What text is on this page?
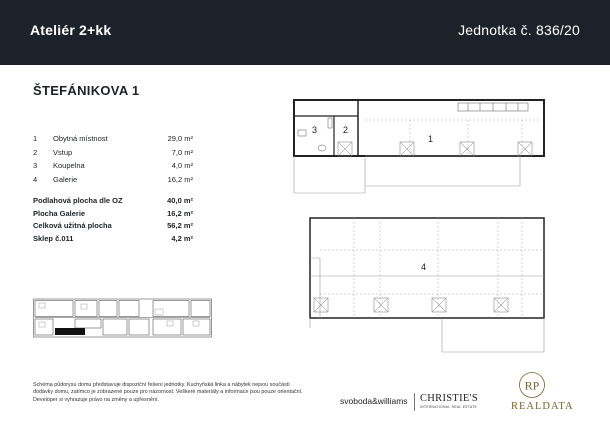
Ateliér 2+kk	Jednotka č. 836/20
ŠTEFÁNIKOVA 1
1 Obytná místnost	29,0 m²
2 Vstup	7,0 m²
3 Koupelna	4,0 m²
4 Galerie	16,2 m²
Podlahová plocha dle OZ	40,0 m²
Plocha Galerie	16,2 m²
Celková užitná plocha	56,2 m²
Sklep č.011	4,2 m²
3	2
1
4
Schéma půdorysu domu představuje dispoziční řešení jednotky. Kuchyňská linka a nábytek nejsou součástí dodávky domu, zatímco je zobrazené pouze pro názornost. Veškeré materiály a informace jsou pouze orientační. Developer si vyhrazuje právo na změny a upřesnění.	svoboda&williams CHRISTIE'S
INTERNATIONAL REAL ESTATE
RP
REALDATA
